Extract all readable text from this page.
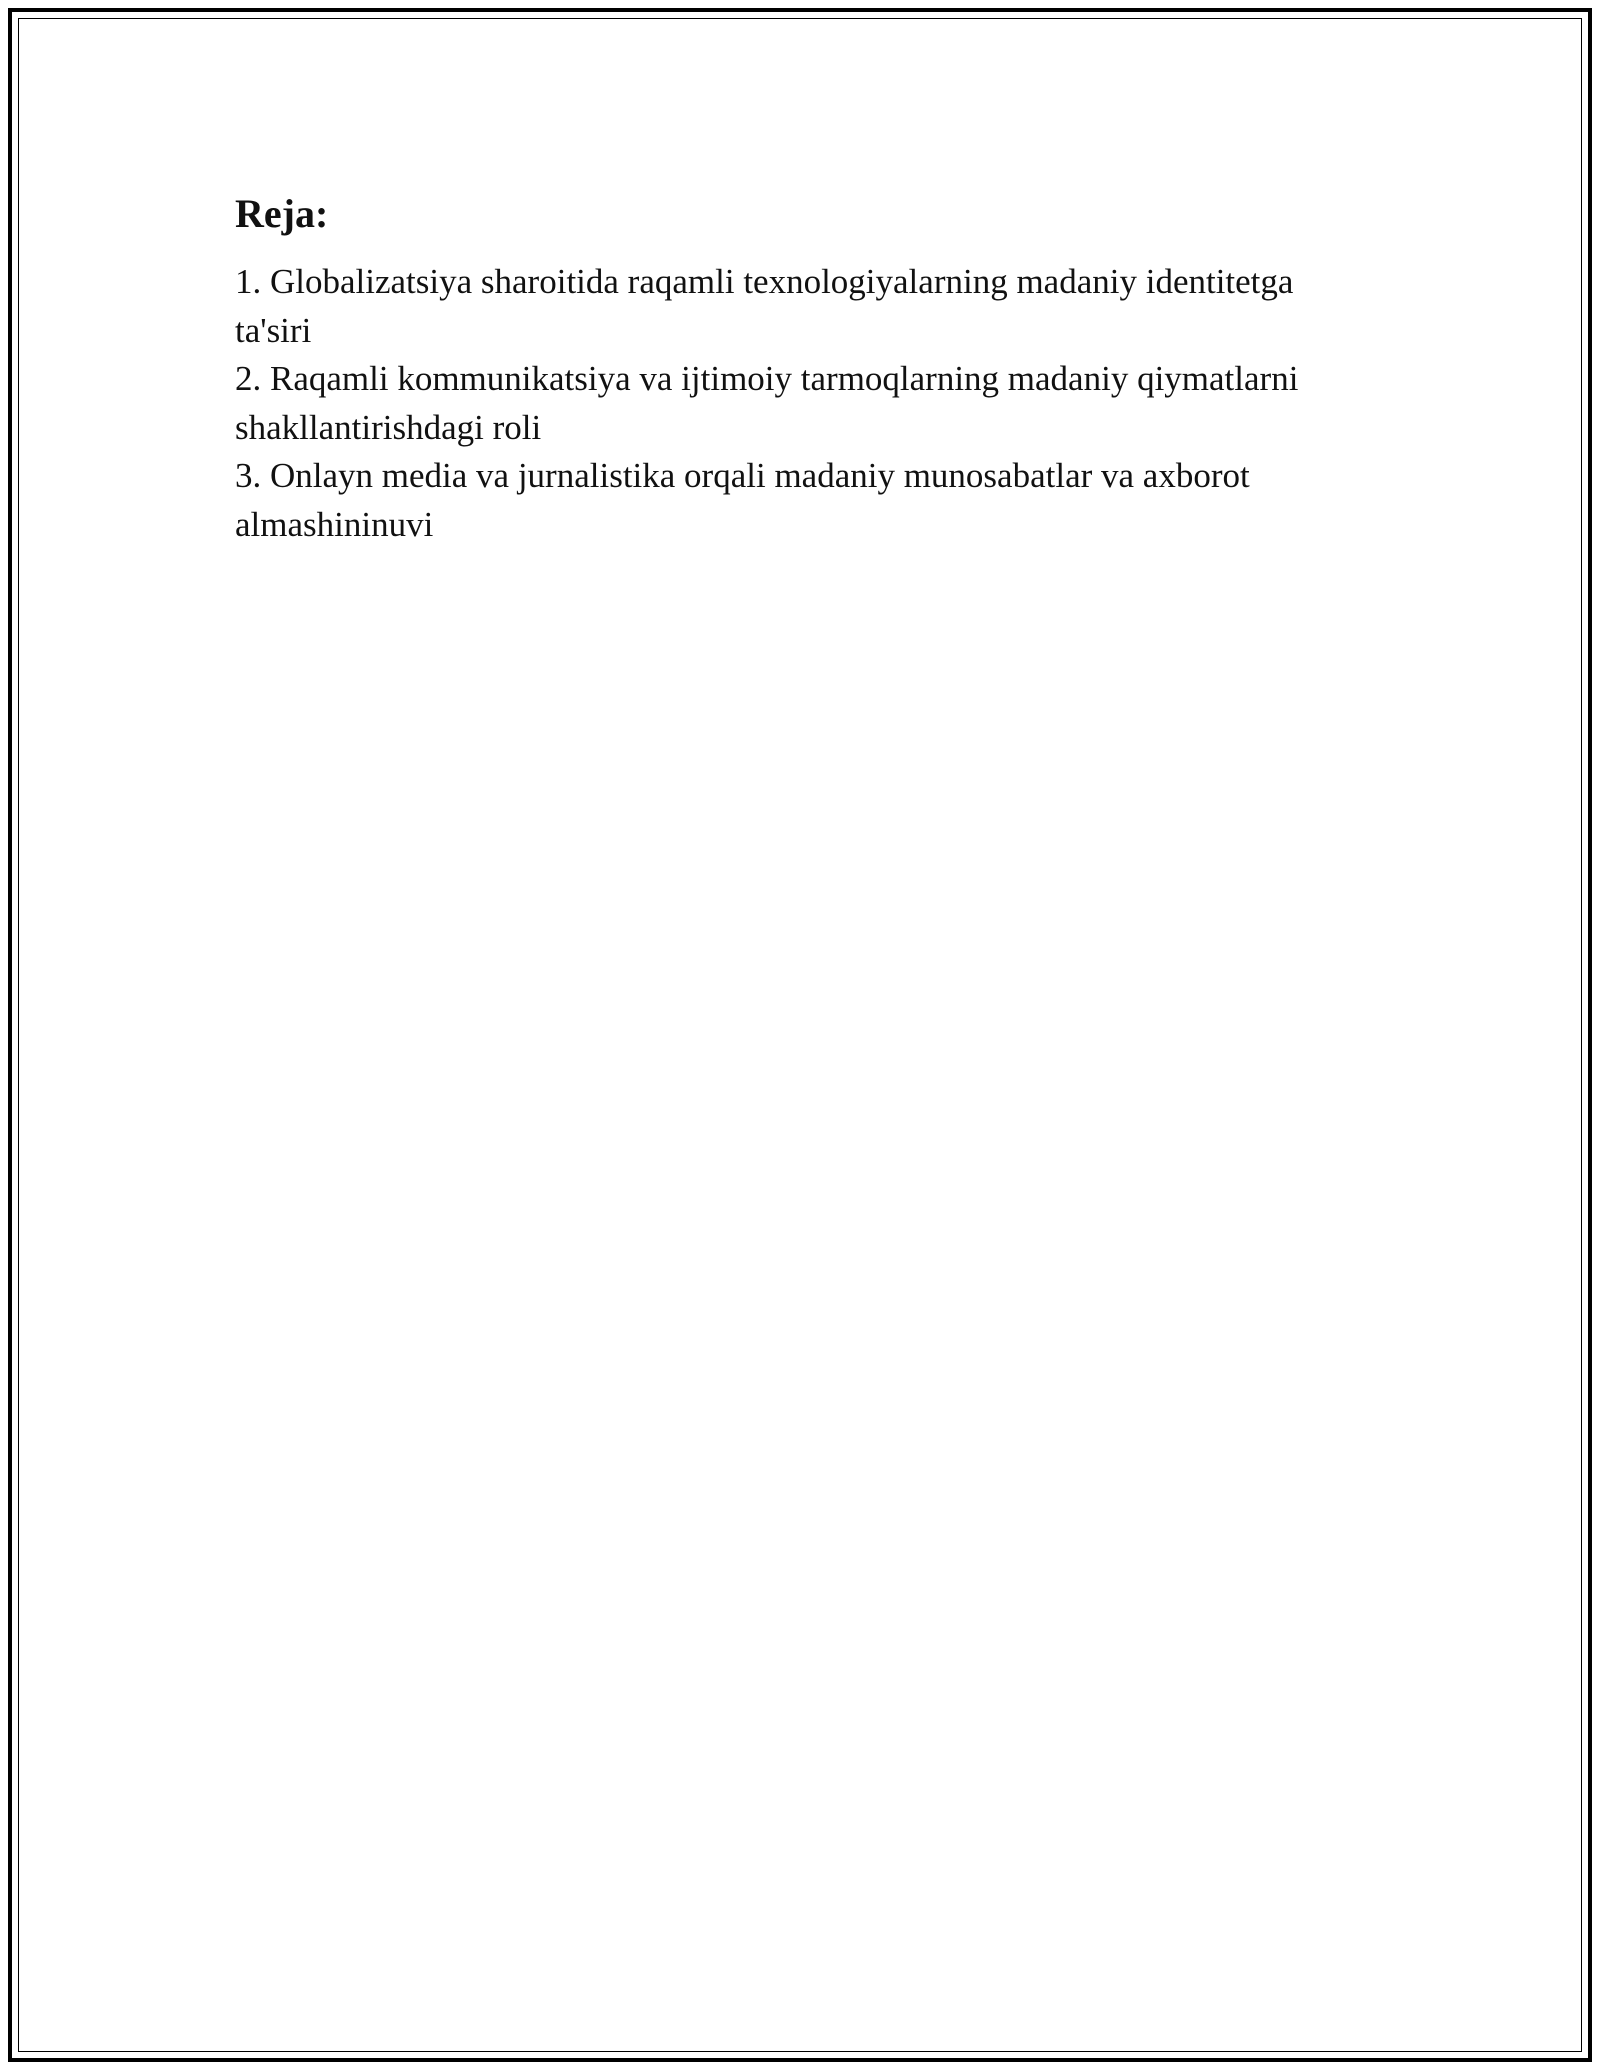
Reja:
1. Globalizatsiya sharoitida raqamli texnologiyalarning madaniy identitetga ta'siri
2. Raqamli kommunikatsiya va ijtimoiy tarmoqlarning madaniy qiymatlarni shakllantirishdagi roli
3. Onlayn media va jurnalistika orqali madaniy munosabatlar va axborot almashininuvi
